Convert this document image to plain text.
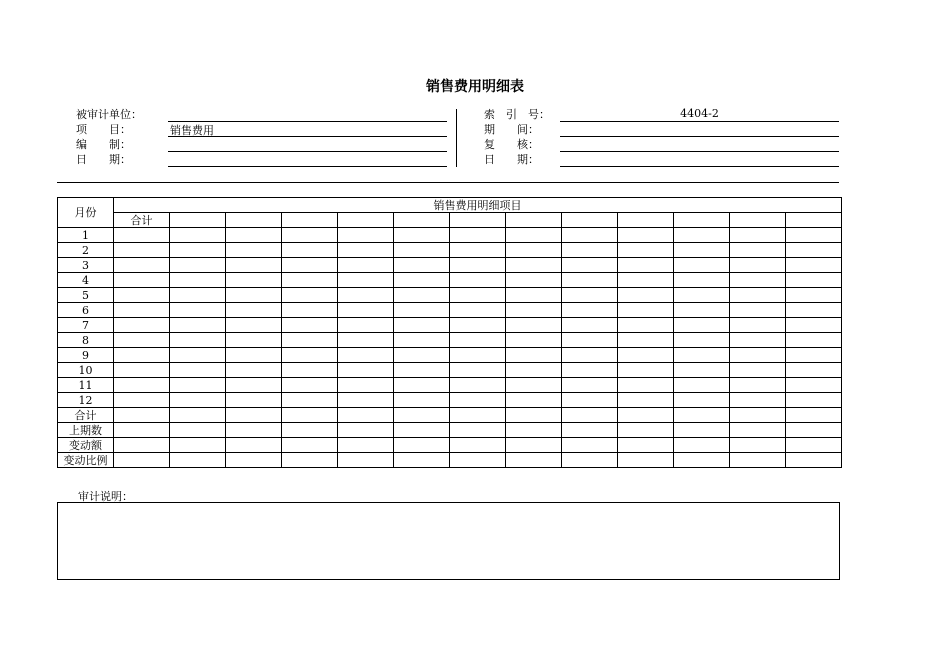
销售费用明细表
被审计单位：
项　　目：	销售费用
编　　制：
日　　期：
索　引　号：	4404-2
期　　间：
复　　核：
日　　期：
月份	销售费用明细项目												
	合计												
1													
2													
3													
4													
5													
6													
7													
8													
9													
10													
11													
12													
合计													
上期数													
变动额													
变动比例													
审计说明：
